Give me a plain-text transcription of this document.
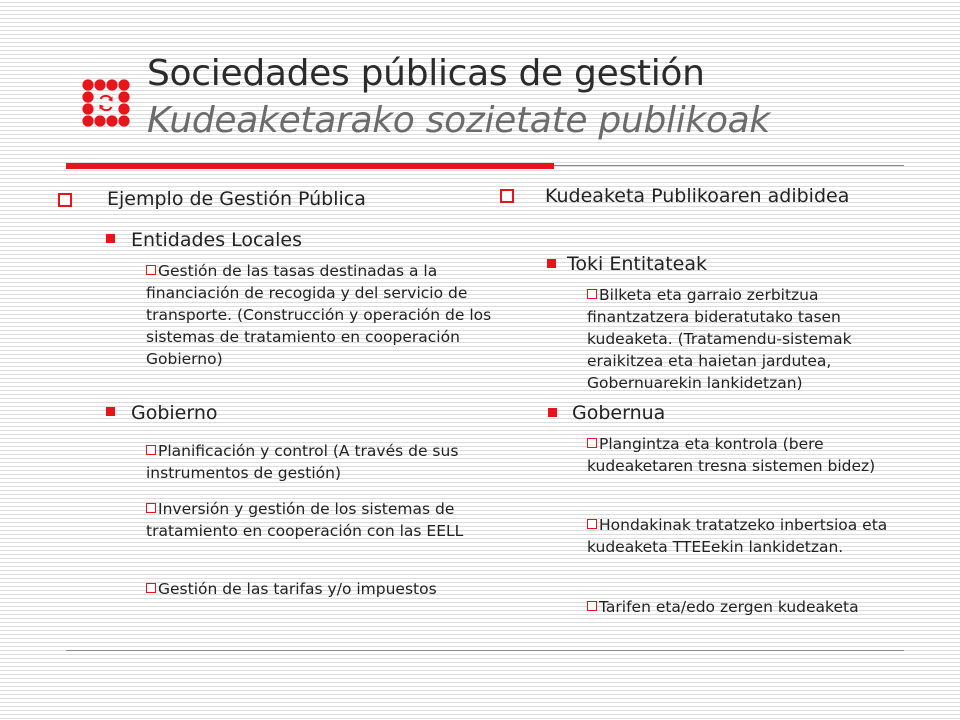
Sociedades públicas de gestión
Kudeaketarako sozietate publikoak
Ejemplo de Gestión Pública
Entidades Locales
Gestión de las tasas destinadas a la financiación de recogida y del servicio de transporte. (Construcción y operación de los sistemas de tratamiento en cooperación Gobierno)
Gobierno
Planificación y control (A través de sus instrumentos de gestión)
Inversión y gestión de los sistemas de tratamiento en cooperación con las EELL
Gestión de las tarifas y/o impuestos
Kudeaketa Publikoaren adibidea
Toki Entitateak
Bilketa eta garraio zerbitzua finantzatzera bideratutako tasen kudeaketa. (Tratamendu-sistemak eraikitzea eta haietan jardutea, Gobernuarekin lankidetzan)
Gobernua
Plangintza eta kontrola (bere kudeaketaren tresna sistemen bidez)
Hondakinak tratatzeko inbertsioa eta kudeaketa TTEEekin lankidetzan.
Tarifen eta/edo zergen kudeaketa
